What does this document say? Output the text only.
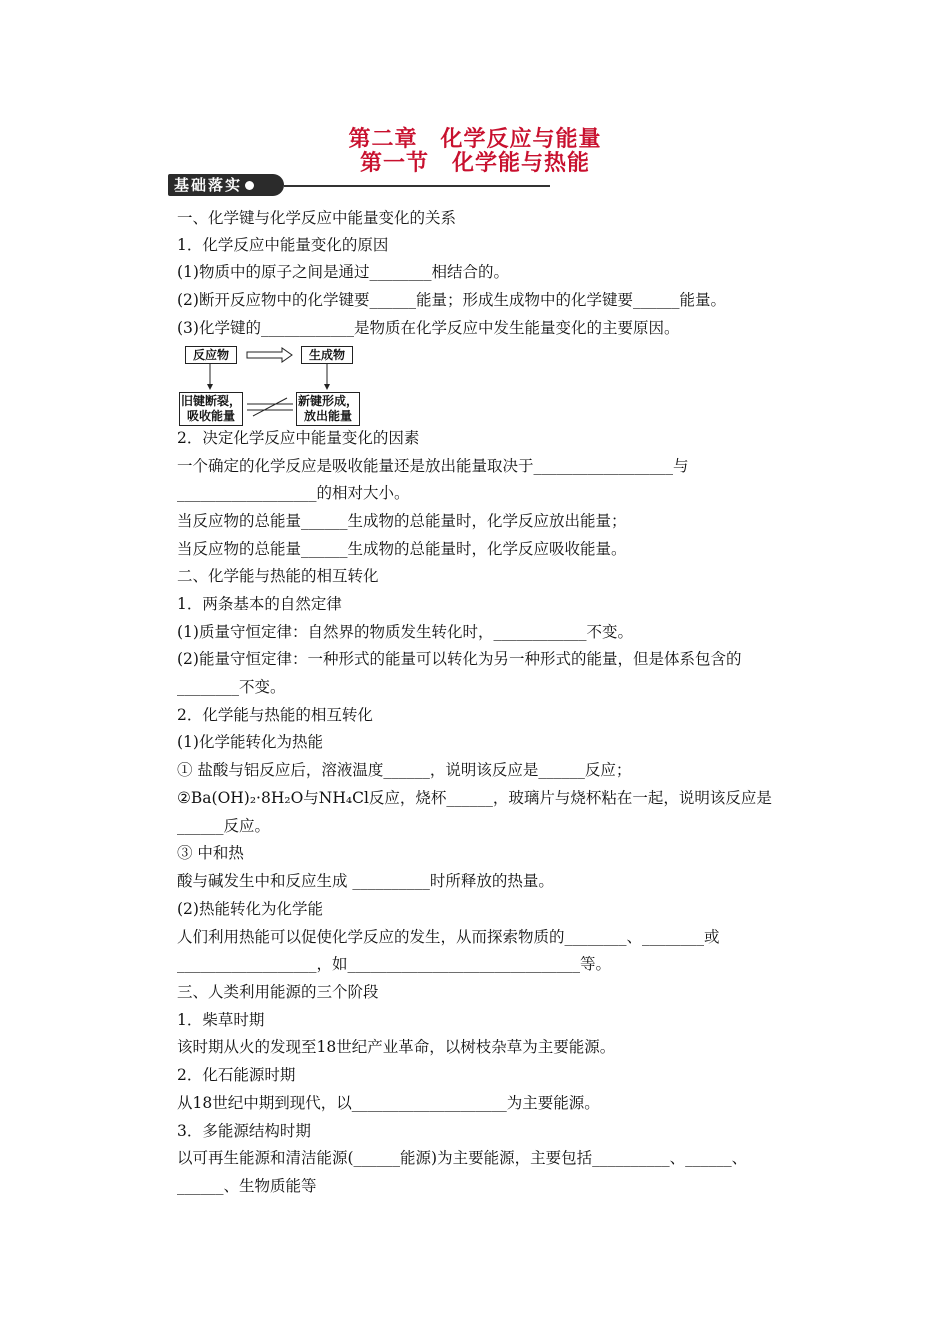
第二章　化学反应与能量
第一节　化学能与热能
基础落实
一、化学键与化学反应中能量变化的关系
1．化学反应中能量变化的原因
(1)物质中的原子之间是通过________相结合的。
(2)断开反应物中的化学键要______能量；形成生成物中的化学键要______能量。
(3)化学键的____________是物质在化学反应中发生能量变化的主要原因。
反应物	生成物
旧键断裂，
吸收能量
新键形成，
放出能量
2．决定化学反应中能量变化的因素
一个确定的化学反应是吸收能量还是放出能量取决于__________________与
__________________的相对大小。
当反应物的总能量______生成物的总能量时，化学反应放出能量；
当反应物的总能量______生成物的总能量时，化学反应吸收能量。
二、化学能与热能的相互转化
1．两条基本的自然定律
(1)质量守恒定律：自然界的物质发生转化时，____________不变。
(2)能量守恒定律：一种形式的能量可以转化为另一种形式的能量，但是体系包含的
________不变。
2．化学能与热能的相互转化
(1)化学能转化为热能
① 盐酸与铝反应后，溶液温度______，说明该反应是______反应；
②Ba(OH)₂·8H₂O与NH₄Cl反应，烧杯______，玻璃片与烧杯粘在一起，说明该反应是
______反应。
③ 中和热
酸与碱发生中和反应生成 __________时所释放的热量。
(2)热能转化为化学能
人们利用热能可以促使化学反应的发生，从而探索物质的________、________或
__________________，如______________________________等。
三、人类利用能源的三个阶段
1．柴草时期
该时期从火的发现至18世纪产业革命，以树枝杂草为主要能源。
2．化石能源时期
从18世纪中期到现代，以____________________为主要能源。
3．多能源结构时期
以可再生能源和清洁能源(______能源)为主要能源，主要包括__________、______、
______、生物质能等
